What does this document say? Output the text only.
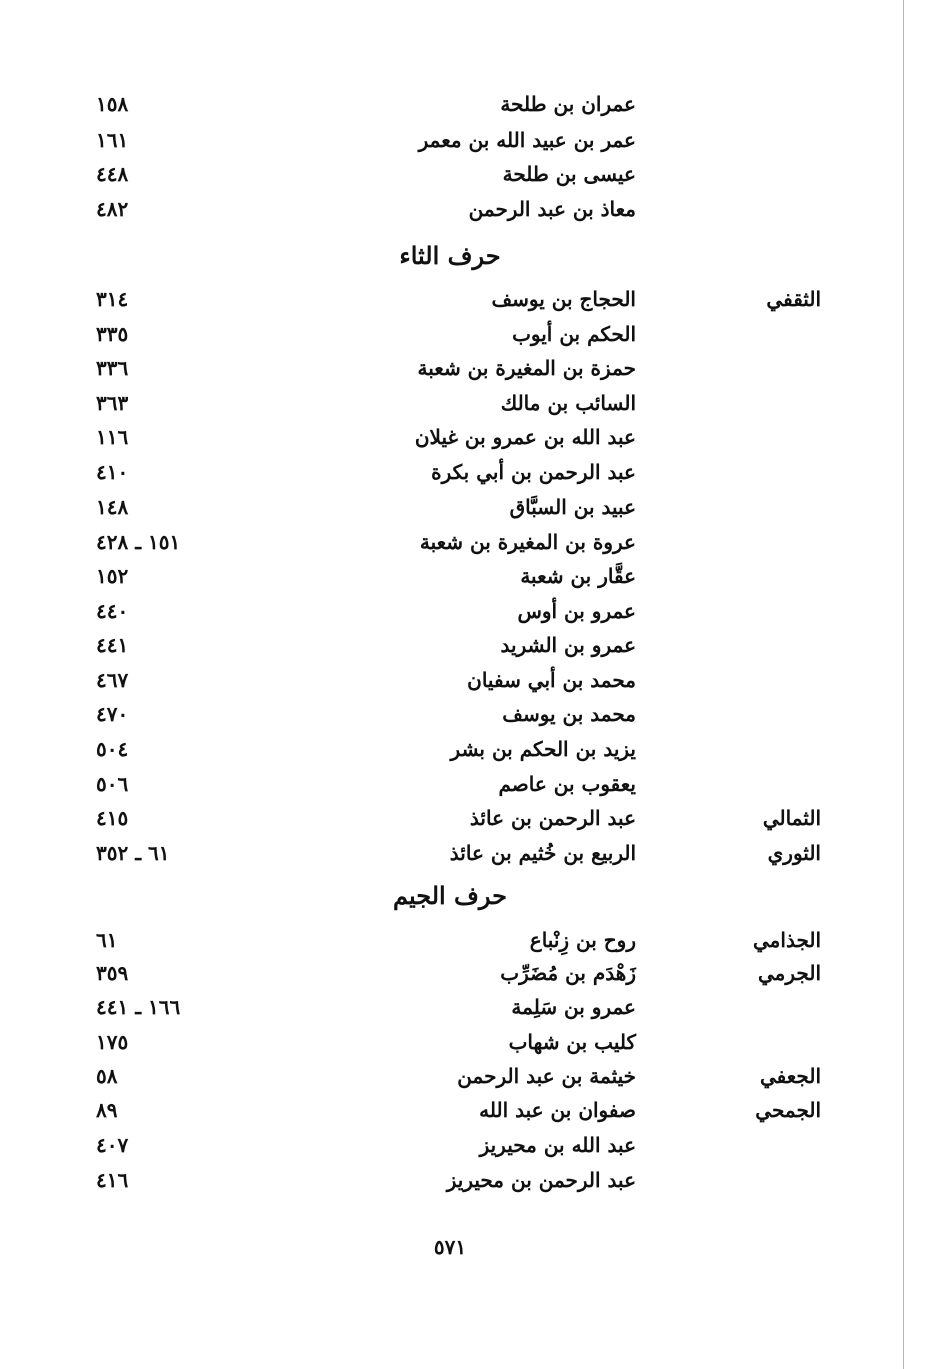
عمران بن طلحة
١٥٨
عمر بن عبيد الله بن معمر
١٦١
عيسى بن طلحة
٤٤٨
معاذ بن عبد الرحمن
٤٨٢
حرف الثاء
الثقفي
الحجاج بن يوسف
٣١٤
الحكم بن أيوب
٣٣٥
حمزة بن المغيرة بن شعبة
٣٣٦
السائب بن مالك
٣٦٣
عبد الله بن عمرو بن غيلان
١١٦
عبد الرحمن بن أبي بكرة
٤١٠
عبيد بن السبَّاق
١٤٨
عروة بن المغيرة بن شعبة
١٥١ ـ ٤٢٨
عقَّار بن شعبة
١٥٢
عمرو بن أوس
٤٤٠
عمرو بن الشريد
٤٤١
محمد بن أبي سفيان
٤٦٧
محمد بن يوسف
٤٧٠
يزيد بن الحكم بن بشر
٥٠٤
يعقوب بن عاصم
٥٠٦
الثمالي
عبد الرحمن بن عائذ
٤١٥
الثوري
الربيع بن خُثيم بن عائذ
٦١ ـ ٣٥٢
حرف الجيم
الجذامي
روح بن زِنْباع
٦١
الجرمي
زَهْدَم بن مُضَرِّب
٣٥٩
عمرو بن سَلِمة
١٦٦ ـ ٤٤١
كليب بن شهاب
١٧٥
الجعفي
خيثمة بن عبد الرحمن
٥٨
الجمحي
صفوان بن عبد الله
٨٩
عبد الله بن محيريز
٤٠٧
عبد الرحمن بن محيريز
٤١٦
٥٧١
